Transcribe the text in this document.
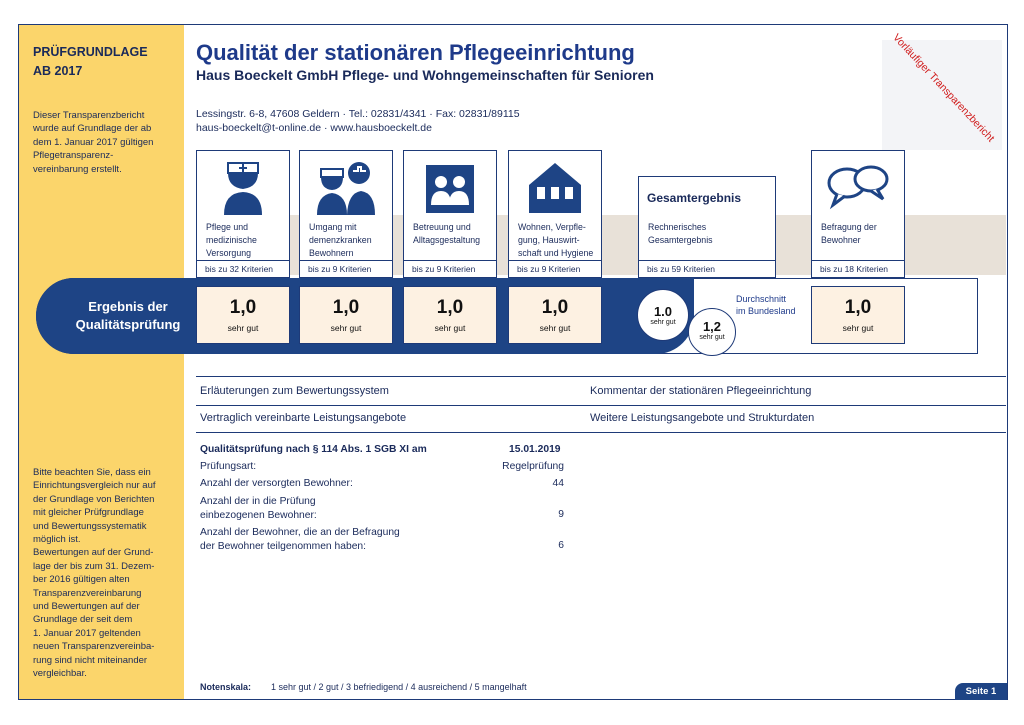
PRÜFGRUNDLAGE
AB 2017
Dieser Transparenzbericht
wurde auf Grundlage der ab
dem 1. Januar 2017 gültigen
Pflegetransparenz-
vereinbarung erstellt.
Bitte beachten Sie, dass ein
Einrichtungsvergleich nur auf
der Grundlage von Berichten
mit gleicher Prüfgrundlage
und Bewertungssystematik
möglich ist.
Bewertungen auf der Grund-
lage der bis zum 31. Dezem-
ber 2016 gültigen alten
Transparenzvereinbarung
und Bewertungen auf der
Grundlage der seit dem
1. Januar 2017 geltenden
neuen Transparenzvereinba-
rung sind nicht miteinander
vergleichbar.
Vorläufiger Transparenzbericht
Qualität der stationären Pflegeeinrichtung
Haus Boeckelt GmbH Pflege- und Wohngemeinschaften für Senioren
Lessingstr. 6-8, 47608 Geldern · Tel.: 02831/4341 · Fax: 02831/89115
haus-boeckelt@t-online.de · www.hausboeckelt.de
Pflege und
medizinische
Versorgung
bis zu 32 Kriterien
Umgang mit
demenzkranken
Bewohnern
bis zu 9 Kriterien
Betreuung und
Alltagsgestaltung
bis zu 9 Kriterien
Wohnen, Verpfle-
gung, Hauswirt-
schaft und Hygiene
bis zu 9 Kriterien
Gesamtergebnis
Rechnerisches
Gesamtergebnis
bis zu 59 Kriterien
Befragung der
Bewohner
bis zu 18 Kriterien
Ergebnis der
Qualitätsprüfung
1,0
sehr gut
1,0
sehr gut
1,0
sehr gut
1,0
sehr gut
1.0
sehr gut	1,2
sehr gut
Durchschnitt
im Bundesland	1,0
sehr gut
Erläuterungen zum Bewertungssystem	Kommentar der stationären Pflegeeinrichtung
Vertraglich vereinbarte Leistungsangebote	Weitere Leistungsangebote und Strukturdaten
Qualitätsprüfung nach § 114 Abs. 1 SGB XI am	15.01.2019
Prüfungsart:	Regelprüfung
Anzahl der versorgten Bewohner:	44
Anzahl der in die Prüfung
einbezogenen Bewohner:	9
Anzahl der Bewohner, die an der Befragung
der Bewohner teilgenommen haben:	6
Notenskala: 1 sehr gut / 2 gut / 3 befriedigend / 4 ausreichend / 5 mangelhaft	Seite 1
